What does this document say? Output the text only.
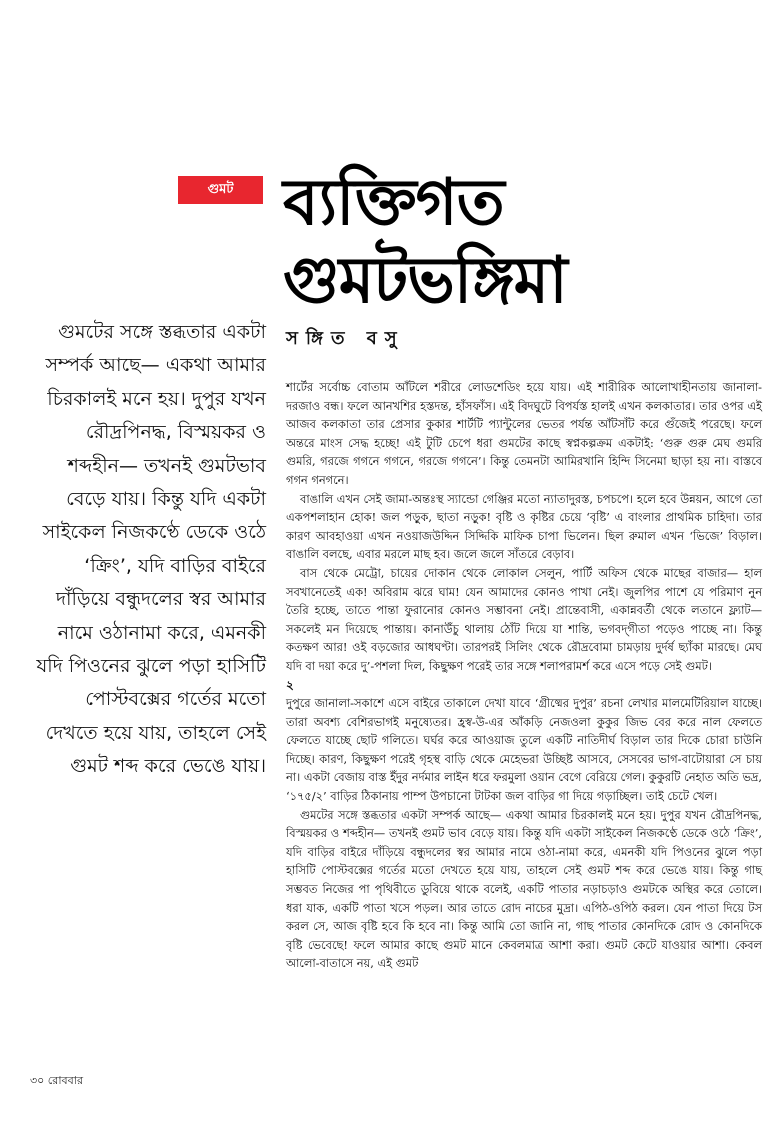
গুমট ব্যক্তিগত
গুমটভঙ্গিমা
গুমটের সঙ্গে স্তব্ধতার একটা সম্পর্ক আছে— একথা আমার চিরকালই মনে হয়। দুপুর যখন রৌদ্রপিনদ্ধ, বিস্ময়কর ও শব্দহীন— তখনই গুমটভাব বেড়ে যায়। কিন্তু যদি একটা সাইকেল নিজকণ্ঠে ডেকে ওঠে ‘ক্রিং’, যদি বাড়ির বাইরে দাঁড়িয়ে বন্ধুদলের স্বর আমার নামে ওঠানামা করে, এমনকী যদি পিওনের ঝুলে পড়া হাসিটি পোস্টবক্সের গর্তের মতো দেখতে হয়ে যায়, তাহলে সেই গুমট শব্দ করে ভেঙে যায়।
সঙ্গিত বসু

শার্টের সর্বোচ্চ বোতাম আঁটলে শরীরে লোডশেডিং হয়ে যায়। এই শারীরিক আলোখাহীনতায় জানালা-দরজাও বন্ধ। ফলে আনখশির হস্তদন্ত, হাঁসফাঁস। এই বিদঘুটে বিপর্যস্ত হালই এখন কলকাতার। তার ওপর এই আজব কলকাতা তার প্রেসার কুকার শার্টটি প্যান্টুলের ভেতর পর্যন্ত আঁটসাঁট করে গুঁজেই পরেছে। ফলে অন্তরে মাংস সেদ্ধ হচ্ছে! এই টুটি চেপে ধরা গুমটের কাছে স্বপ্নকল্পক্রম একটাই: ‘গুরু গুরু মেঘ গুমরি গুমরি, গরজে গগনে গগনে, গরজে গগনে’। কিন্তু তেমনটা আমিরখানি হিন্দি সিনেমা ছাড়া হয় না। বাস্তবে গগন গনগনে।

বাঙালি এখন সেই জামা-অন্তঃস্থ স্যান্ডো গেঞ্জির মতো ন্যাতাদুরস্ত, চপচপে। হলে হবে উন্নয়ন, আগে তো একপশলাহান হোক! জল পড়ুক, ছাতা নড়ুক! বৃষ্টি ও কৃষ্টির চেয়ে ‘বৃষ্টি’ এ বাংলার প্রাথমিক চাহিদা। তার কারণ আবহাওয়া এখন নওয়াজউদ্দিন সিদ্দিকি মাফিক চাপা ভিলেন। ছিল রুমাল এখন ‘ভিজে’ বিড়াল। বাঙালি বলছে, এবার মরলে মাছ হব। জলে জলে সাঁতরে বেড়াব।

বাস থেকে মেট্রো, চায়ের দোকান থেকে লোকাল সেলুন, পার্টি অফিস থেকে মাছের বাজার— হাল সবখানেতেই এক! অবিরাম ঝরে ঘাম! যেন আমাদের কোনও পাখা নেই। জুলপির পাশে যে পরিমাণ নুন তৈরি হচ্ছে, তাতে পান্তা ফুরানোর কোনও সম্ভাবনা নেই। প্রান্তেবাসী, একান্নবর্তী থেকে লতানে ফ্ল্যাট— সকলেই মন দিয়েছে পান্তায়। কানাউঁচু থালায় ঠোঁট দিয়ে যা শান্তি, ভগবদ্‌গীতা পড়েও পাচ্ছে না। কিন্তু কতক্ষণ আর! ওই বড়জোর আধঘণ্টা। তারপরই সিলিং থেকে রৌদ্রবোমা চামড়ায় দুর্দর্ষ ছ্যাঁকা মারছে। মেঘ যদি বা দয়া করে দু’-পশলা দিল, কিছুক্ষণ পরেই তার সঙ্গে শলাপরামর্শ করে এসে পড়ে সেই গুমট।

২

দুপুরে জানালা-সকাশে এসে বাইরে তাকালে দেখা যাবে ‘গ্রীষ্মের দুপুর’ রচনা লেখার মালমেটিরিয়াল যাচ্ছে। তারা অবশ্য বেশিরভাগই মনুষ্যেতর। হ্রস্ব-উ-এর আঁকড়ি নেজওলা কুকুর জিভ বের করে নাল ফেলতে ফেলতে যাচ্ছে ছোট গলিতে। ঘর্ঘর করে আওয়াজ তুলে একটি নাতিদীর্ঘ বিড়াল তার দিকে চোরা চাউনি দিচ্ছে। কারণ, কিছুক্ষণ পরেই গৃহস্থ বাড়ি থেকে মেহেভরা উচ্ছিষ্ট আসবে, সেসবের ভাগ-বাটোয়ারা সে চায় না। একটা বেজায় বাস্ত ইঁদুর নর্দমার লাইন ধরে ফরমুলা ওয়ান বেগে বেরিয়ে গেল। কুকুরটি নেহাত অতি ভদ্র, ‘১৭৫/২’ বাড়ির ঠিকানায় পাম্প উপচানো টাটকা জল বাড়ির গা দিয়ে গড়াচ্ছিল। তাই চেটে খেল।

গুমটের সঙ্গে স্তব্ধতার একটা সম্পর্ক আছে— একথা আমার চিরকালই মনে হয়। দুপুর যখন রৌদ্রপিনদ্ধ, বিস্ময়কর ও শব্দহীন— তখনই গুমট ভাব বেড়ে যায়। কিন্তু যদি একটা সাইকেল নিজকণ্ঠে ডেকে ওঠে ‘ক্রিং’, যদি বাড়ির বাইরে দাঁড়িয়ে বন্ধুদলের স্বর আমার নামে ওঠা-নামা করে, এমনকী যদি পিওনের ঝুলে পড়া হাসিটি পোস্টবক্সের গর্তের মতো দেখতে হয়ে যায়, তাহলে সেই গুমট শব্দ করে ভেঙে যায়। কিন্তু গাছ সম্ভবত নিজের পা পৃথিবীতে ডুবিয়ে থাকে বলেই, একটি পাতার নড়াচড়াও গুমটকে অস্থির করে তোলে। ধরা যাক, একটি পাতা খসে পড়ল। আর তাতে রোদ নাচের মুদ্রা। এপিঠ-ওপিঠ করল। যেন পাতা দিয়ে টস করল সে, আজ বৃষ্টি হবে কি হবে না। কিন্তু আমি তো জানি না, গাছ পাতার কোনদিকে রোদ ও কোনদিকে বৃষ্টি ভেবেছে! ফলে আমার কাছে গুমট মানে কেবলমাত্র আশা করা। গুমট কেটে যাওয়ার আশা। কেবল আলো-বাতাসে নয়, এই গুমট

৩০ রোববার
